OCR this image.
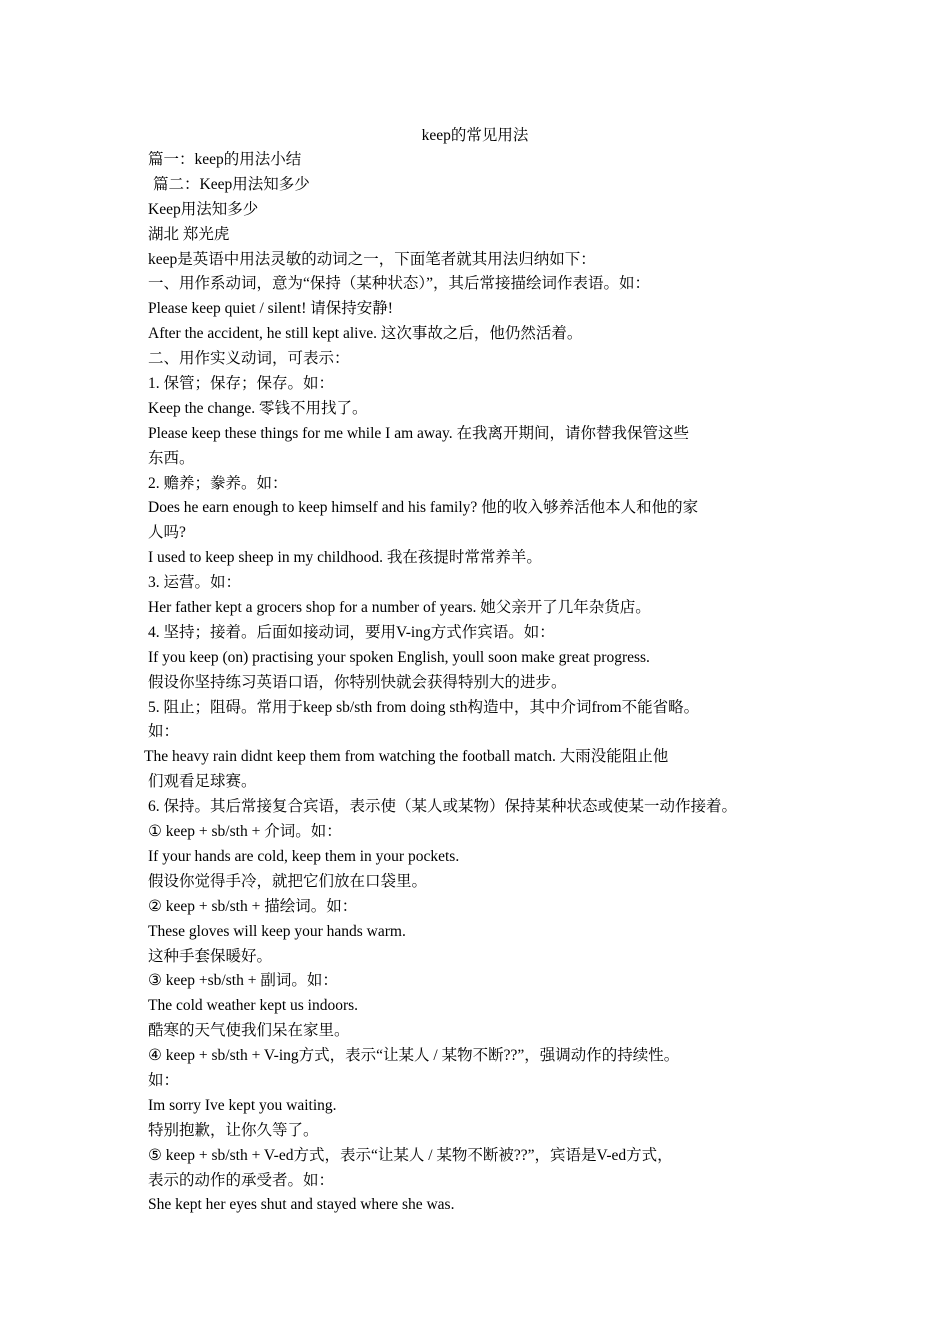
keep的常见用法
篇一：keep的用法小结
篇二：Keep用法知多少
Keep用法知多少
湖北 郑光虎
keep是英语中用法灵敏的动词之一，下面笔者就其用法归纳如下：
一、用作系动词，意为“保持（某种状态）”，其后常接描绘词作表语。如：
Please keep quiet / silent! 请保持安静!
After the accident, he still kept alive. 这次事故之后，他仍然活着。
二、用作实义动词，可表示：
1. 保管；保存；保存。如：
Keep the change. 零钱不用找了。
Please keep these things for me while I am away. 在我离开期间，请你替我保管这些
东西。
2. 赡养；豢养。如：
Does he earn enough to keep himself and his family? 他的收入够养活他本人和他的家
人吗?
I used to keep sheep in my childhood. 我在孩提时常常养羊。
3. 运营。如：
Her father kept a grocers shop for a number of years. 她父亲开了几年杂货店。
4. 坚持；接着。后面如接动词，要用V-ing方式作宾语。如：
If you keep (on) practising your spoken English, youll soon make great progress.
假设你坚持练习英语口语，你特别快就会获得特别大的进步。
5. 阻止；阻碍。常用于keep sb/sth from doing sth构造中，其中介词from不能省略。
如：
The heavy rain didnt keep them from watching the football match. 大雨没能阻止他
们观看足球赛。
6. 保持。其后常接复合宾语，表示使（某人或某物）保持某种状态或使某一动作接着。
① keep + sb/sth + 介词。如：
If your hands are cold, keep them in your pockets.
假设你觉得手冷，就把它们放在口袋里。
② keep + sb/sth + 描绘词。如：
These gloves will keep your hands warm.
这种手套保暖好。
③ keep +sb/sth + 副词。如：
The cold weather kept us indoors.
酷寒的天气使我们呆在家里。
④ keep + sb/sth + V-ing方式，表示“让某人 / 某物不断??”，强调动作的持续性。
如：
Im sorry Ive kept you waiting.
特别抱歉，让你久等了。
⑤ keep + sb/sth + V-ed方式，表示“让某人 / 某物不断被??”，宾语是V-ed方式，
表示的动作的承受者。如：
She kept her eyes shut and stayed where she was.
